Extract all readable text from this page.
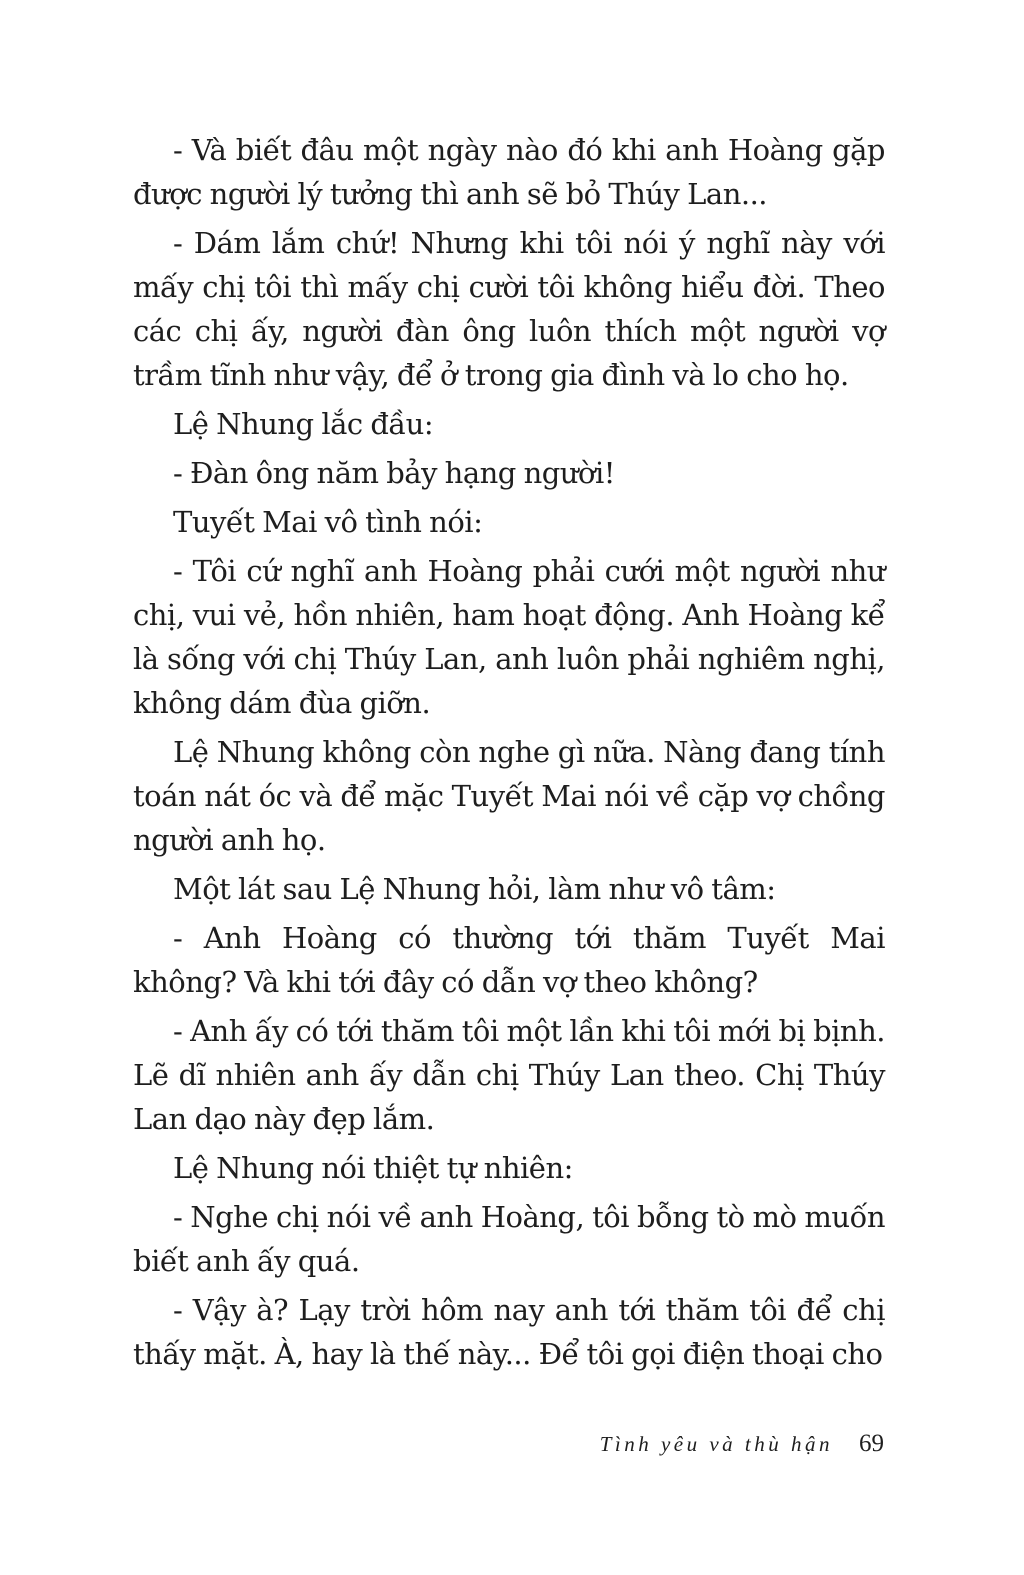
- Và biết đâu một ngày nào đó khi anh Hoàng gặp được người lý tưởng thì anh sẽ bỏ Thúy Lan...

- Dám lắm chứ! Nhưng khi tôi nói ý nghĩ này với mấy chị tôi thì mấy chị cười tôi không hiểu đời. Theo các chị ấy, người đàn ông luôn thích một người vợ trầm tĩnh như vậy, để ở trong gia đình và lo cho họ.

Lệ Nhung lắc đầu:

- Đàn ông năm bảy hạng người!

Tuyết Mai vô tình nói:

- Tôi cứ nghĩ anh Hoàng phải cưới một người như chị, vui vẻ, hồn nhiên, ham hoạt động. Anh Hoàng kể là sống với chị Thúy Lan, anh luôn phải nghiêm nghị, không dám đùa giỡn.

Lệ Nhung không còn nghe gì nữa. Nàng đang tính toán nát óc và để mặc Tuyết Mai nói về cặp vợ chồng người anh họ.

Một lát sau Lệ Nhung hỏi, làm như vô tâm:

- Anh Hoàng có thường tới thăm Tuyết Mai không? Và khi tới đây có dẫn vợ theo không?

- Anh ấy có tới thăm tôi một lần khi tôi mới bị bịnh. Lẽ dĩ nhiên anh ấy dẫn chị Thúy Lan theo. Chị Thúy Lan dạo này đẹp lắm.

Lệ Nhung nói thiệt tự nhiên:

- Nghe chị nói về anh Hoàng, tôi bỗng tò mò muốn biết anh ấy quá.

- Vậy à? Lạy trời hôm nay anh tới thăm tôi để chị thấy mặt. À, hay là thế này... Để tôi gọi điện thoại cho

Tình yêu và thù hận 69
